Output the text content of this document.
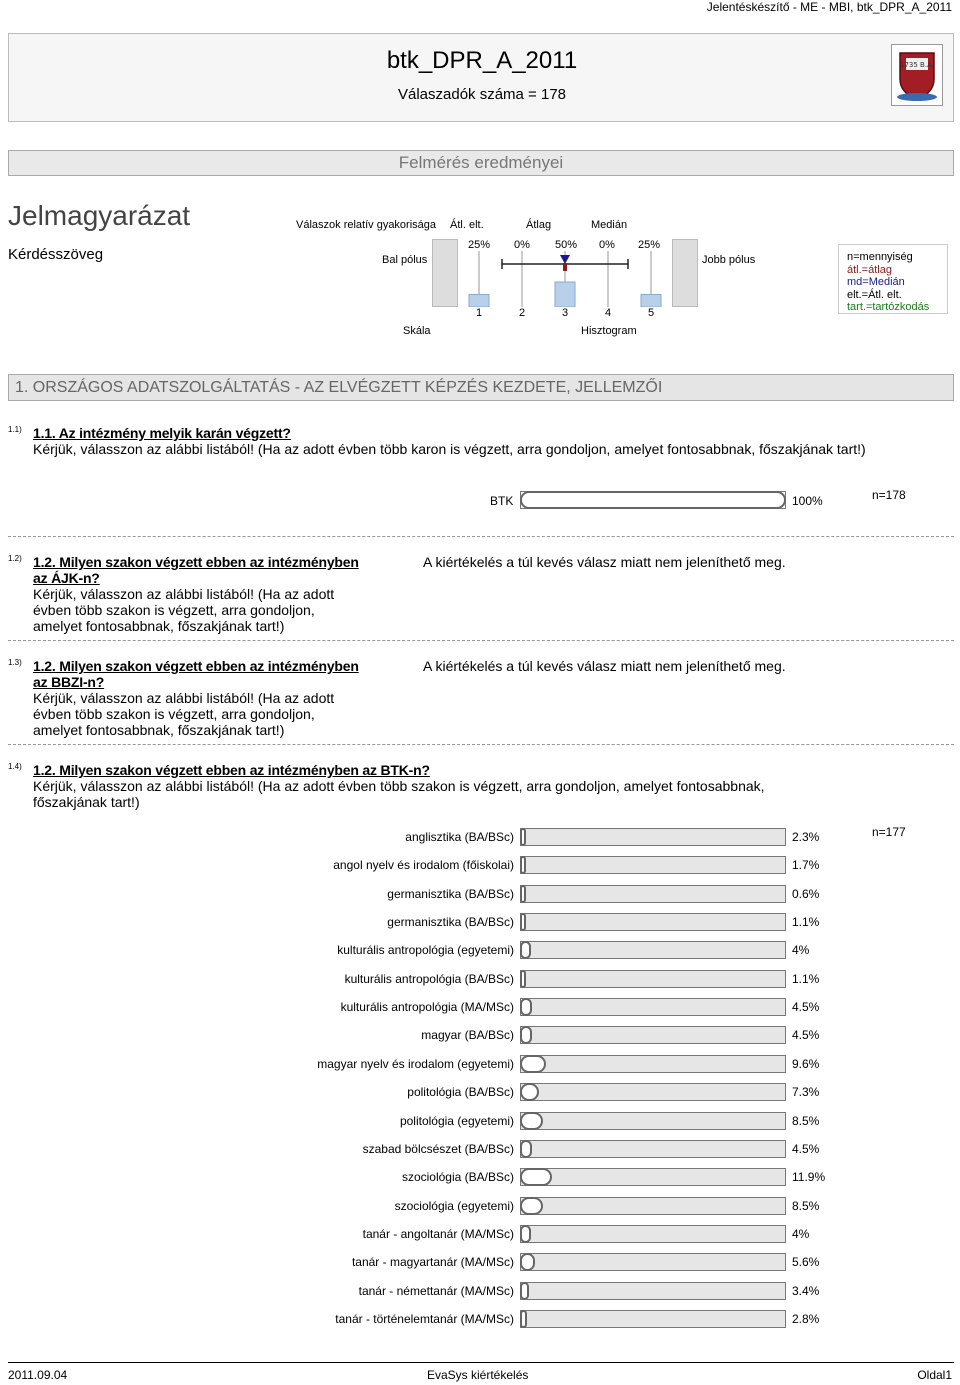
Jelentéskészítő - ME - MBI, btk_DPR_A_2011
btk_DPR_A_2011
Válaszadók száma = 178
1735 B.A.
Felmérés eredményei
Jelmagyarázat
Kérdésszöveg
Válaszok relatív gyakorisága Átl. elt.	Átlag	Medián
Bal pólus	Jobb pólus
Skála	Hisztogram
25% 0% 50% 0% 25%
1	2	3	4	5
n=mennyiség
átl.=átlag
md=Medián
elt.=Átl. elt.
tart.=tartózkodás
1. ORSZÁGOS ADATSZOLGÁLTATÁS - AZ ELVÉGZETT KÉPZÉS KEZDETE, JELLEMZŐI
1.1) 1.1. Az intézmény melyik karán végzett?
Kérjük, válasszon az alábbi listából! (Ha az adott évben több karon is végzett, arra gondoljon, amelyet fontosabbnak, főszakjának tart!)
BTK	100%	n=178
1.2) 1.2. Milyen szakon végzett ebben az intézményben
az ÁJK-n?
Kérjük, válasszon az alábbi listából! (Ha az adott
évben több szakon is végzett, arra gondoljon,
amelyet fontosabbnak, főszakjának tart!)
A kiértékelés a túl kevés válasz miatt nem jeleníthető meg.
1.3) 1.2. Milyen szakon végzett ebben az intézményben
az BBZI-n?
Kérjük, válasszon az alábbi listából! (Ha az adott
évben több szakon is végzett, arra gondoljon,
amelyet fontosabbnak, főszakjának tart!)
A kiértékelés a túl kevés válasz miatt nem jeleníthető meg.
1.4) 1.2. Milyen szakon végzett ebben az intézményben az BTK-n?
Kérjük, válasszon az alábbi listából! (Ha az adott évben több szakon is végzett, arra gondoljon, amelyet fontosabbnak,
főszakjának tart!)
n=177
anglisztika (BA/BSc)	2.3%
angol nyelv és irodalom (főiskolai)	1.7%
germanisztika (BA/BSc)	0.6%
germanisztika (BA/BSc)	1.1%
kulturális antropológia (egyetemi)	4%
kulturális antropológia (BA/BSc)	1.1%
kulturális antropológia (MA/MSc)	4.5%
magyar (BA/BSc)	4.5%
magyar nyelv és irodalom (egyetemi)	9.6%
politológia (BA/BSc)	7.3%
politológia (egyetemi)	8.5%
szabad bölcsészet (BA/BSc)	4.5%
szociológia (BA/BSc)	11.9%
szociológia (egyetemi)	8.5%
tanár - angoltanár (MA/MSc)	4%
tanár - magyartanár (MA/MSc)	5.6%
tanár - némettanár (MA/MSc)	3.4%
tanár - történelemtanár (MA/MSc)	2.8%
2011.09.04	EvaSys kiértékelés	Oldal1
